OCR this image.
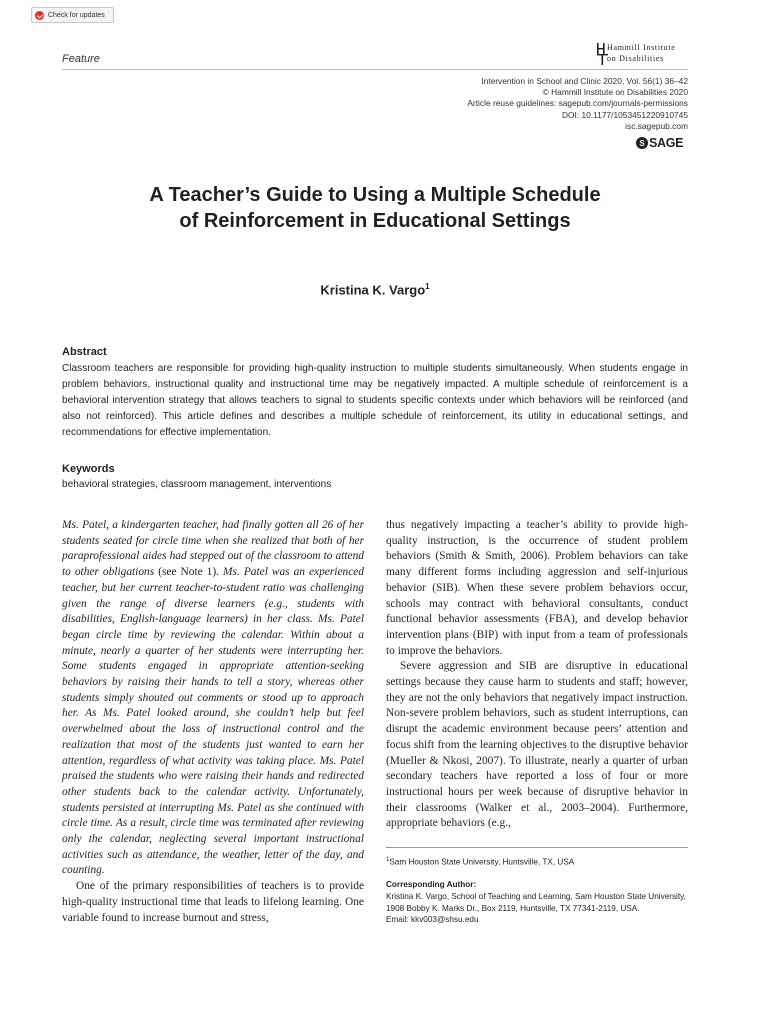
Check for updates
Feature
Hammill Institute
on Disabilities
Intervention in School and Clinic 2020, Vol. 56(1) 36–42
© Hammill Institute on Disabilities 2020
Article reuse guidelines: sagepub.com/journals-permissions
DOI: 10.1177/1053451220910745
isc.sagepub.com
S SAGE
A Teacher’s Guide to Using a Multiple Schedule
of Reinforcement in Educational Settings
Kristina K. Vargo$^1$
Abstract
Classroom teachers are responsible for providing high-quality instruction to multiple students simultaneously. When students engage in problem behaviors, instructional quality and instructional time may be negatively impacted. A multiple schedule of reinforcement is a behavioral intervention strategy that allows teachers to signal to students specific contexts under which behaviors will be reinforced (and also not reinforced). This article defines and describes a multiple schedule of reinforcement, its utility in educational settings, and recommendations for effective implementation.
Keywords
behavioral strategies, classroom management, interventions

Ms. Patel, a kindergarten teacher, had finally gotten all 26 of her students seated for circle time when she realized that both of her paraprofessional aides had stepped out of the classroom to attend to other obligations (see Note 1). Ms. Patel was an experienced teacher, but her current teacher-to-student ratio was challenging given the range of diverse learners (e.g., students with disabilities, English-language learners) in her class. Ms. Patel began circle time by reviewing the calendar. Within about a minute, nearly a quarter of her students were interrupting her. Some students engaged in appropriate attention-seeking behaviors by raising their hands to tell a story, whereas other students simply shouted out comments or stood up to approach her. As Ms. Patel looked around, she couldn’t help but feel overwhelmed about the loss of instructional control and the realization that most of the students just wanted to earn her attention, regardless of what activity was taking place. Ms. Patel praised the students who were raising their hands and redirected other students back to the calendar activity. Unfortunately, students persisted at interrupting Ms. Patel as she continued with circle time. As a result, circle time was terminated after reviewing only the calendar, neglecting several important instructional activities such as attendance, the weather, letter of the day, and counting.

One of the primary responsibilities of teachers is to provide high-quality instructional time that leads to lifelong learning. One variable found to increase burnout and stress,

thus negatively impacting a teacher’s ability to provide high-quality instruction, is the occurrence of student problem behaviors (Smith & Smith, 2006). Problem behaviors can take many different forms including aggression and self-injurious behavior (SIB). When these severe problem behaviors occur, schools may contract with behavioral consultants, conduct functional behavior assessments (FBA), and develop behavior intervention plans (BIP) with input from a team of professionals to improve the behaviors.

Severe aggression and SIB are disruptive in educational settings because they cause harm to students and staff; however, they are not the only behaviors that negatively impact instruction. Non-severe problem behaviors, such as student interruptions, can disrupt the academic environment because peers’ attention and focus shift from the learning objectives to the disruptive behavior (Mueller & Nkosi, 2007). To illustrate, nearly a quarter of urban secondary teachers have reported a loss of four or more instructional hours per week because of disruptive behavior in their classrooms (Walker et al., 2003–2004). Furthermore, appropriate behaviors (e.g.,

$^1$Sam Houston State University, Huntsville, TX, USA
Corresponding Author:
Kristina K. Vargo, School of Teaching and Learning, Sam Houston State University, 1908 Bobby K. Marks Dr., Box 2119, Huntsville, TX 77341-2119, USA.
Email: kkv003@shsu.edu
